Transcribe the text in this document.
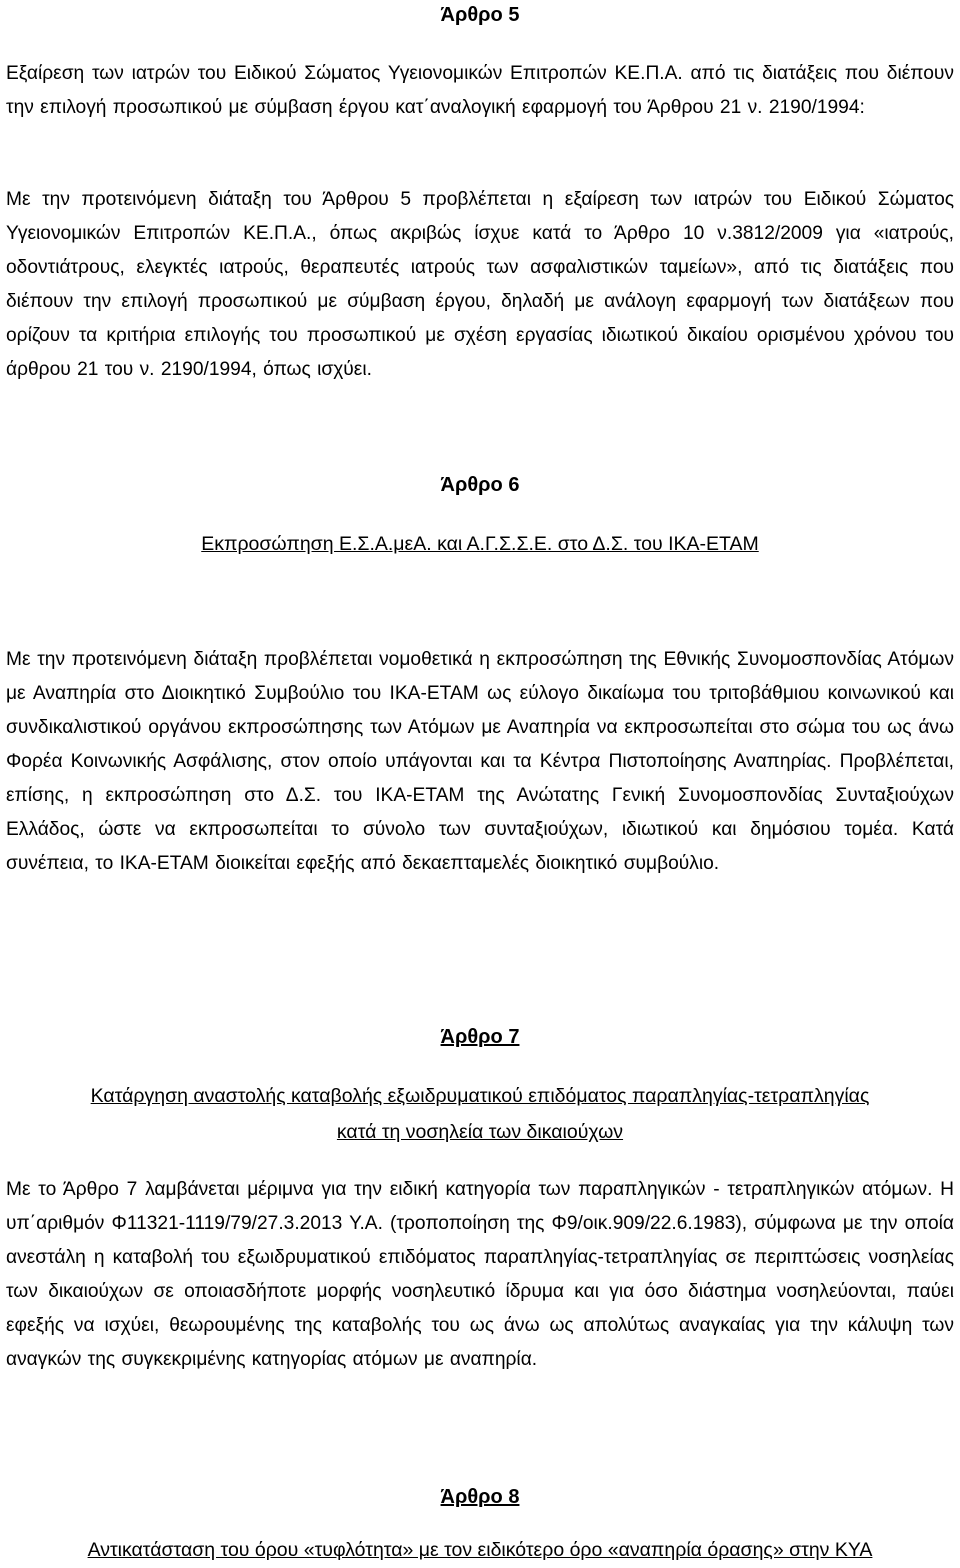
Άρθρο 5

Εξαίρεση των ιατρών του Ειδικού Σώματος Υγειονομικών Επιτροπών ΚΕ.Π.Α. από τις διατάξεις που διέπουν την επιλογή προσωπικού με σύμβαση έργου κατ΄αναλογική εφαρμογή του Άρθρου 21 ν. 2190/1994:

Με την προτεινόμενη διάταξη του Άρθρου 5 προβλέπεται η εξαίρεση των ιατρών του Ειδικού Σώματος Υγειονομικών Επιτροπών ΚΕ.Π.Α., όπως ακριβώς ίσχυε κατά το Άρθρο 10 ν.3812/2009 για «ιατρούς, οδοντιάτρους, ελεγκτές ιατρούς, θεραπευτές ιατρούς των ασφαλιστικών ταμείων», από τις διατάξεις που διέπουν την επιλογή προσωπικού με σύμβαση έργου, δηλαδή με ανάλογη εφαρμογή των διατάξεων που ορίζουν τα κριτήρια επιλογής του προσωπικού με σχέση εργασίας ιδιωτικού δικαίου ορισμένου χρόνου του άρθρου 21 του ν. 2190/1994, όπως ισχύει.

Άρθρο 6

Εκπροσώπηση Ε.Σ.Α.μεΑ. και Α.Γ.Σ.Σ.Ε. στο Δ.Σ. του ΙΚΑ-ΕΤΑΜ

Με την προτεινόμενη διάταξη προβλέπεται νομοθετικά η εκπροσώπηση της Εθνικής Συνομοσπονδίας Ατόμων με Αναπηρία στο Διοικητικό Συμβούλιο του ΙΚΑ-ΕΤΑΜ ως εύλογο δικαίωμα του τριτοβάθμιου κοινωνικού και συνδικαλιστικού οργάνου εκπροσώπησης των Ατόμων με Αναπηρία να εκπροσωπείται στο σώμα του ως άνω Φορέα Κοινωνικής Ασφάλισης, στον οποίο υπάγονται και τα Κέντρα Πιστοποίησης Αναπηρίας. Προβλέπεται, επίσης, η εκπροσώπηση στο Δ.Σ. του ΙΚΑ-ΕΤΑΜ της Ανώτατης Γενική Συνομοσπονδίας Συνταξιούχων Ελλάδος, ώστε να εκπροσωπείται το σύνολο των συνταξιούχων, ιδιωτικού και δημόσιου τομέα. Κατά συνέπεια, το ΙΚΑ-ΕΤΑΜ διοικείται εφεξής από δεκαεπταμελές διοικητικό συμβούλιο.

Άρθρο 7

Κατάργηση αναστολής καταβολής εξωιδρυματικού επιδόματος παραπληγίας-τετραπληγίας

κατά τη νοσηλεία των δικαιούχων

Με το Άρθρο 7 λαμβάνεται μέριμνα για την ειδική κατηγορία των παραπληγικών - τετραπληγικών ατόμων. Η υπ΄αριθμόν Φ11321-1119/79/27.3.2013 Υ.Α. (τροποποίηση της Φ9/οικ.909/22.6.1983), σύμφωνα με την οποία ανεστάλη η καταβολή του εξωιδρυματικού επιδόματος παραπληγίας-τετραπληγίας σε περιπτώσεις νοσηλείας των δικαιούχων σε οποιασδήποτε μορφής νοσηλευτικό ίδρυμα και για όσο διάστημα νοσηλεύονται, παύει εφεξής να ισχύει, θεωρουμένης της καταβολής του ως άνω ως απολύτως αναγκαίας για την κάλυψη των αναγκών της συγκεκριμένης κατηγορίας ατόμων με αναπηρία.

Άρθρο 8

Αντικατάσταση του όρου «τυφλότητα» με τον ειδικότερο όρο «αναπηρία όρασης» στην ΚΥΑ
